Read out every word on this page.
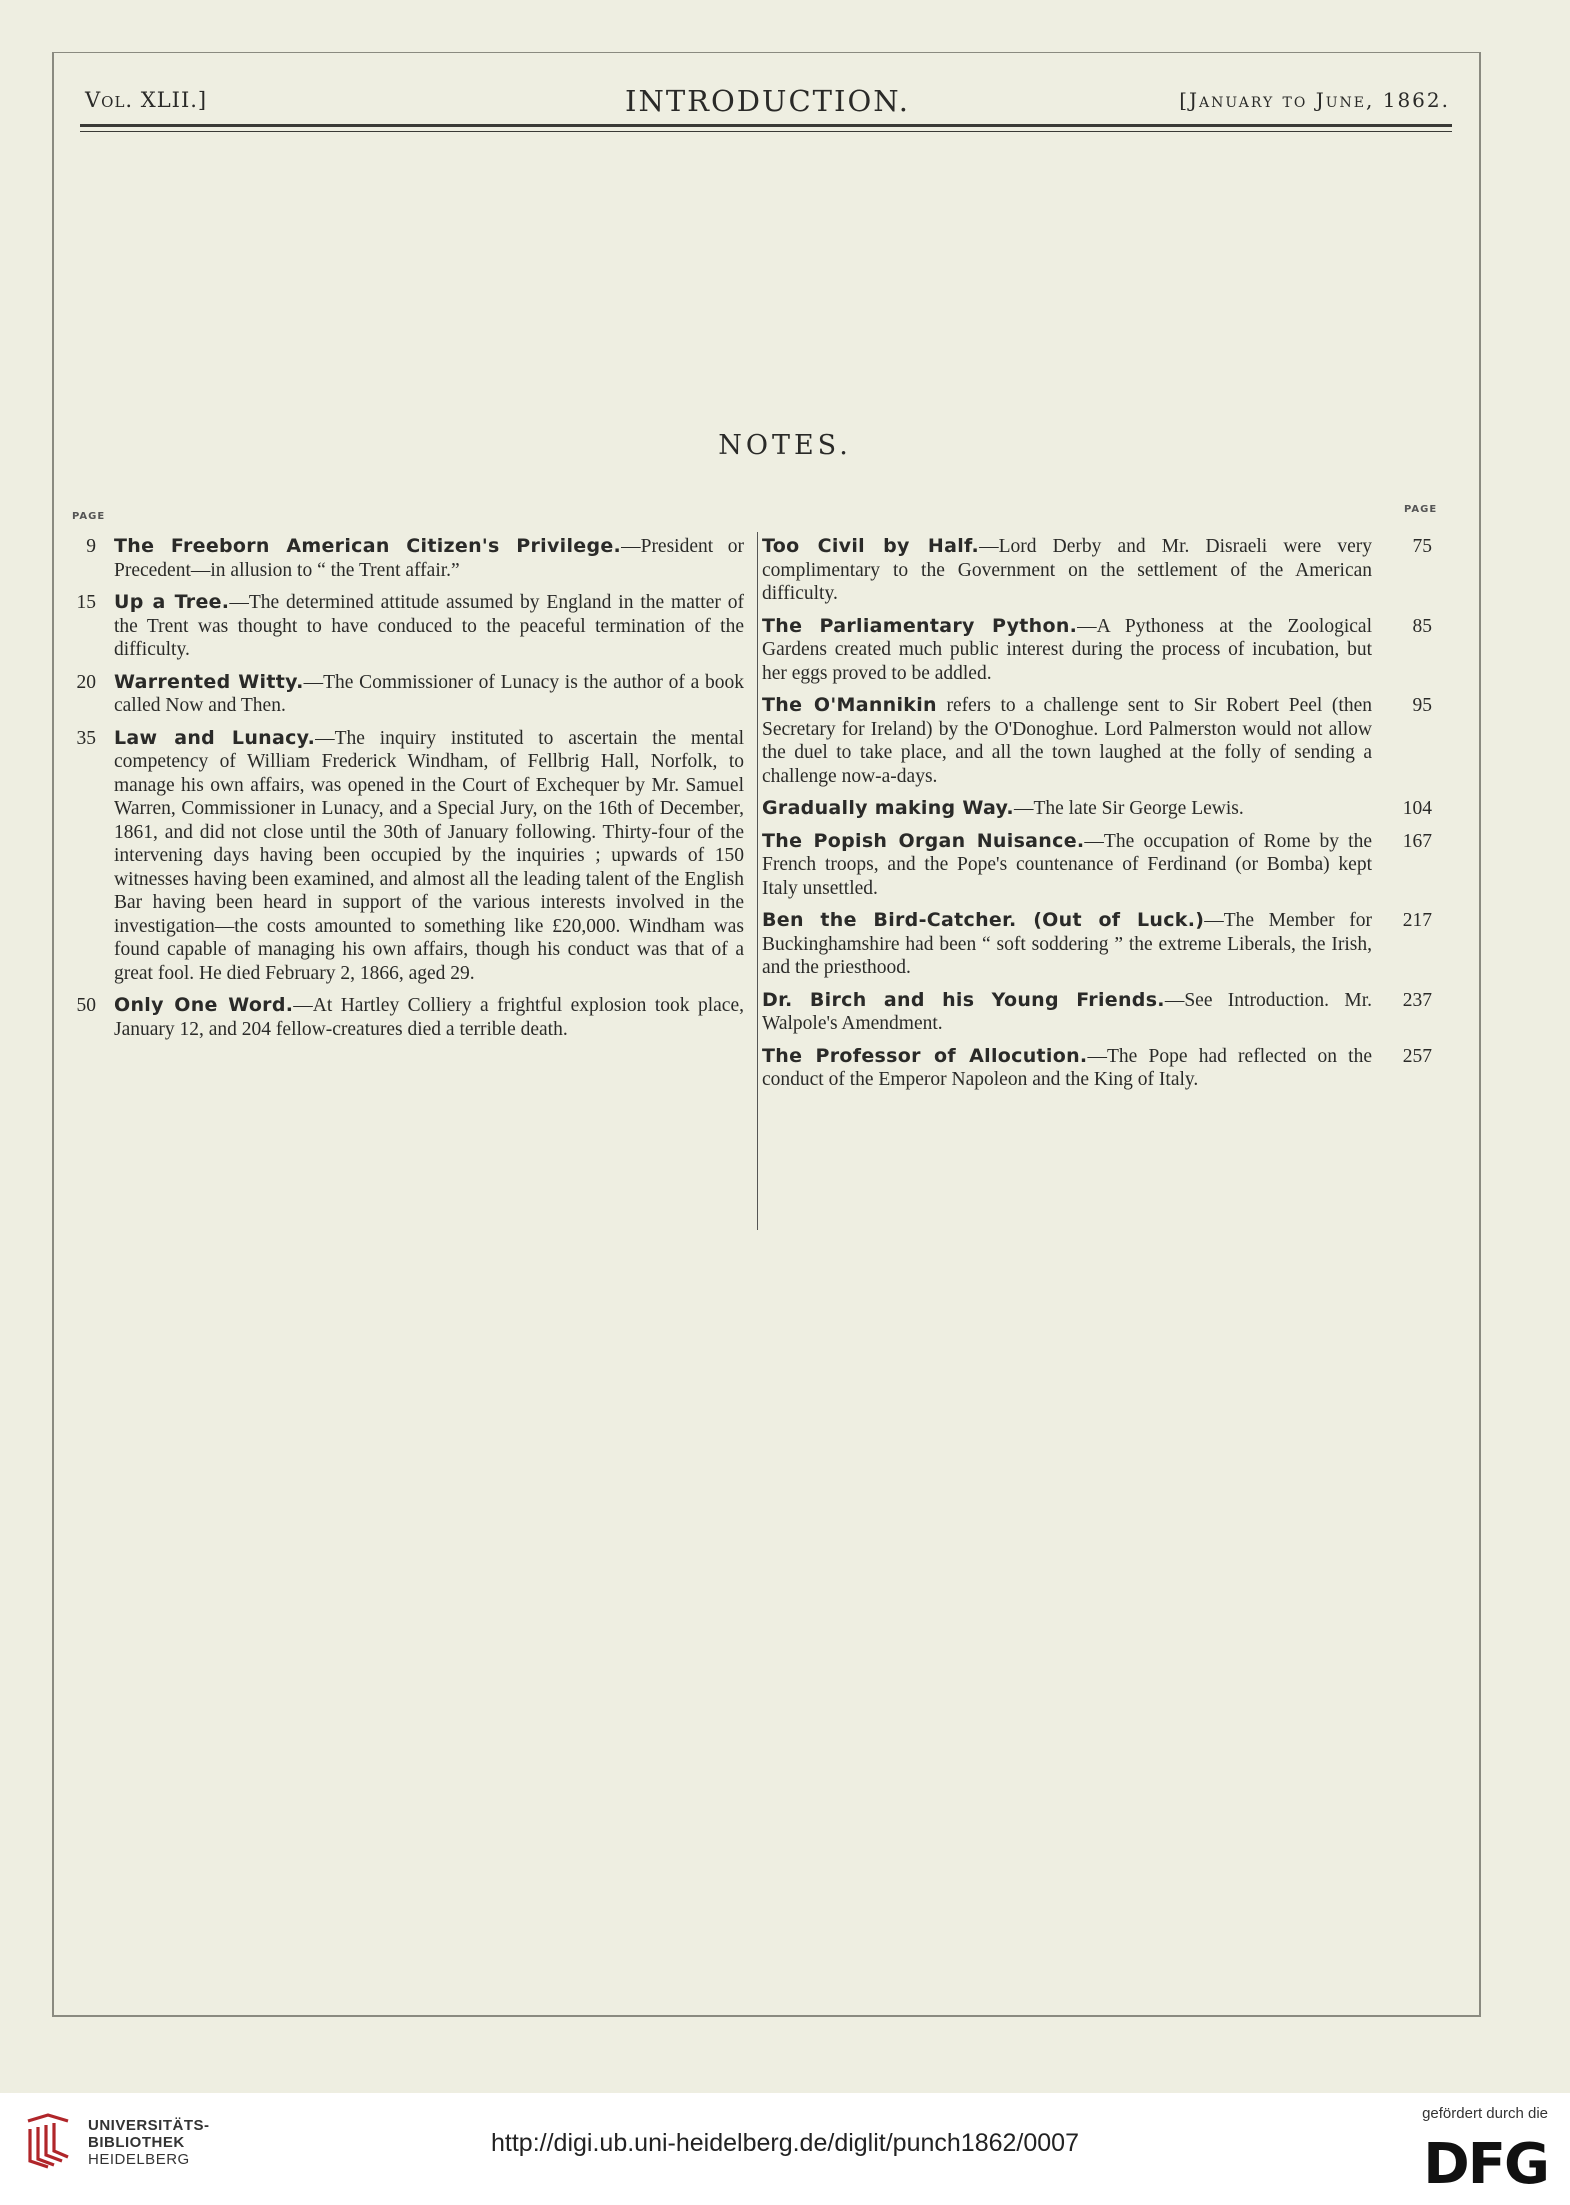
Vol. XLII.]	INTRODUCTION.	[January to June, 1862.
NOTES.
PAGE
PAGE
9 The Freeborn American Citizen's Privilege.—President or Precedent—in allusion to “ the Trent affair.”

15 Up a Tree.—The determined attitude assumed by England in the matter of the Trent was thought to have conduced to the peaceful termination of the difficulty.

20 Warrented Witty.—The Commissioner of Lunacy is the author of a book called Now and Then.

35 Law and Lunacy.—The inquiry instituted to ascertain the mental competency of William Frederick Windham, of Fellbrig Hall, Norfolk, to manage his own affairs, was opened in the Court of Exchequer by Mr. Samuel Warren, Commissioner in Lunacy, and a Special Jury, on the 16th of December, 1861, and did not close until the 30th of January following. Thirty-four of the intervening days having been occupied by the inquiries ; upwards of 150 witnesses having been examined, and almost all the leading talent of the English Bar having been heard in support of the various interests involved in the investigation—the costs amounted to something like £20,000. Windham was found capable of managing his own affairs, though his conduct was that of a great fool. He died February 2, 1866, aged 29.

50 Only One Word.—At Hartley Colliery a frightful explosion took place, January 12, and 204 fellow-creatures died a terrible death.

75
Too Civil by Half.—Lord Derby and Mr. Disraeli were very complimentary to the Government on the settlement of the American difficulty.
85
The Parliamentary Python.—A Pythoness at the Zoological Gardens created much public interest during the process of incubation, but her eggs proved to be addled.
95
The O'Mannikin refers to a challenge sent to Sir Robert Peel (then Secretary for Ireland) by the O'Donoghue. Lord Palmerston would not allow the duel to take place, and all the town laughed at the folly of sending a challenge now-a-days.
104
Gradually making Way.—The late Sir George Lewis.
167
The Popish Organ Nuisance.—The occupation of Rome by the French troops, and the Pope's countenance of Ferdinand (or Bomba) kept Italy unsettled.
217
Ben the Bird-Catcher. (Out of Luck.)—The Member for Buckinghamshire had been “ soft soddering ” the extreme Liberals, the Irish, and the priesthood.
237
Dr. Birch and his Young Friends.—See Introduction. Mr. Walpole's Amendment.
257
The Professor of Allocution.—The Pope had reflected on the conduct of the Emperor Napoleon and the King of Italy.
UNIVERSITÄTS-
BIBLIOTHEK
HEIDELBERG
http://digi.ub.uni-heidelberg.de/diglit/punch1862/0007
gefördert durch die
DFG
